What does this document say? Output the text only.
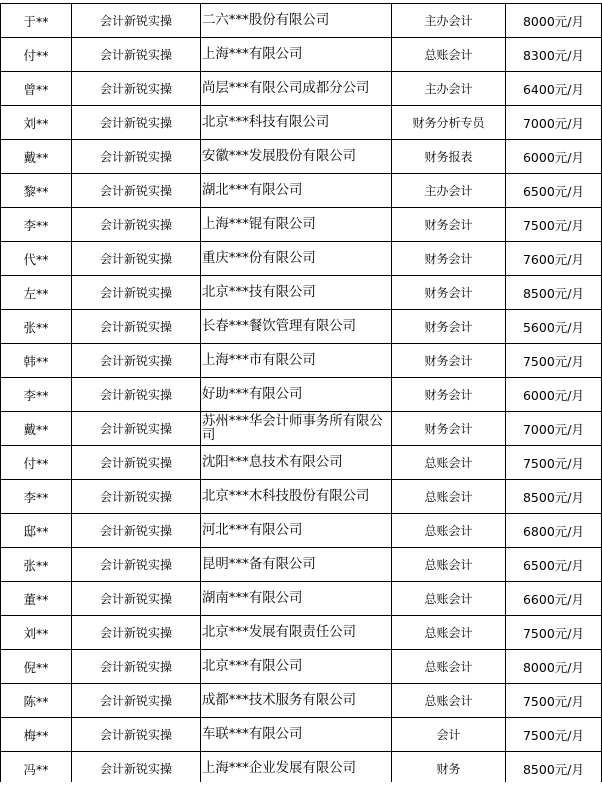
于**	会计新锐实操	二六***股份有限公司	主办会计	8000元/月
付**	会计新锐实操	上海***有限公司	总账会计	8300元/月
曾**	会计新锐实操	尚层***有限公司成都分公司	主办会计	6400元/月
刘**	会计新锐实操	北京***科技有限公司	财务分析专员	7000元/月
戴**	会计新锐实操	安徽***发展股份有限公司	财务报表	6000元/月
黎**	会计新锐实操	湖北***有限公司	主办会计	6500元/月
李**	会计新锐实操	上海***锟有限公司	财务会计	7500元/月
代**	会计新锐实操	重庆***份有限公司	财务会计	7600元/月
左**	会计新锐实操	北京***技有限公司	财务会计	8500元/月
张**	会计新锐实操	长春***餐饮管理有限公司	财务会计	5600元/月
韩**	会计新锐实操	上海***市有限公司	财务会计	7500元/月
李**	会计新锐实操	好助***有限公司	财务会计	6000元/月
戴**	会计新锐实操	苏州***华会计师事务所有限公司	财务会计	7000元/月
付**	会计新锐实操	沈阳***息技术有限公司	总账会计	7500元/月
李**	会计新锐实操	北京***木科技股份有限公司	总账会计	8500元/月
邸**	会计新锐实操	河北***有限公司	总账会计	6800元/月
张**	会计新锐实操	昆明***备有限公司	总账会计	6500元/月
董**	会计新锐实操	湖南***有限公司	总账会计	6600元/月
刘**	会计新锐实操	北京***发展有限责任公司	总账会计	7500元/月
倪**	会计新锐实操	北京***有限公司	总账会计	8000元/月
陈**	会计新锐实操	成都***技术服务有限公司	总账会计	7500元/月
梅**	会计新锐实操	车联***有限公司	会计	7500元/月
冯**	会计新锐实操	上海***企业发展有限公司	财务	8500元/月
